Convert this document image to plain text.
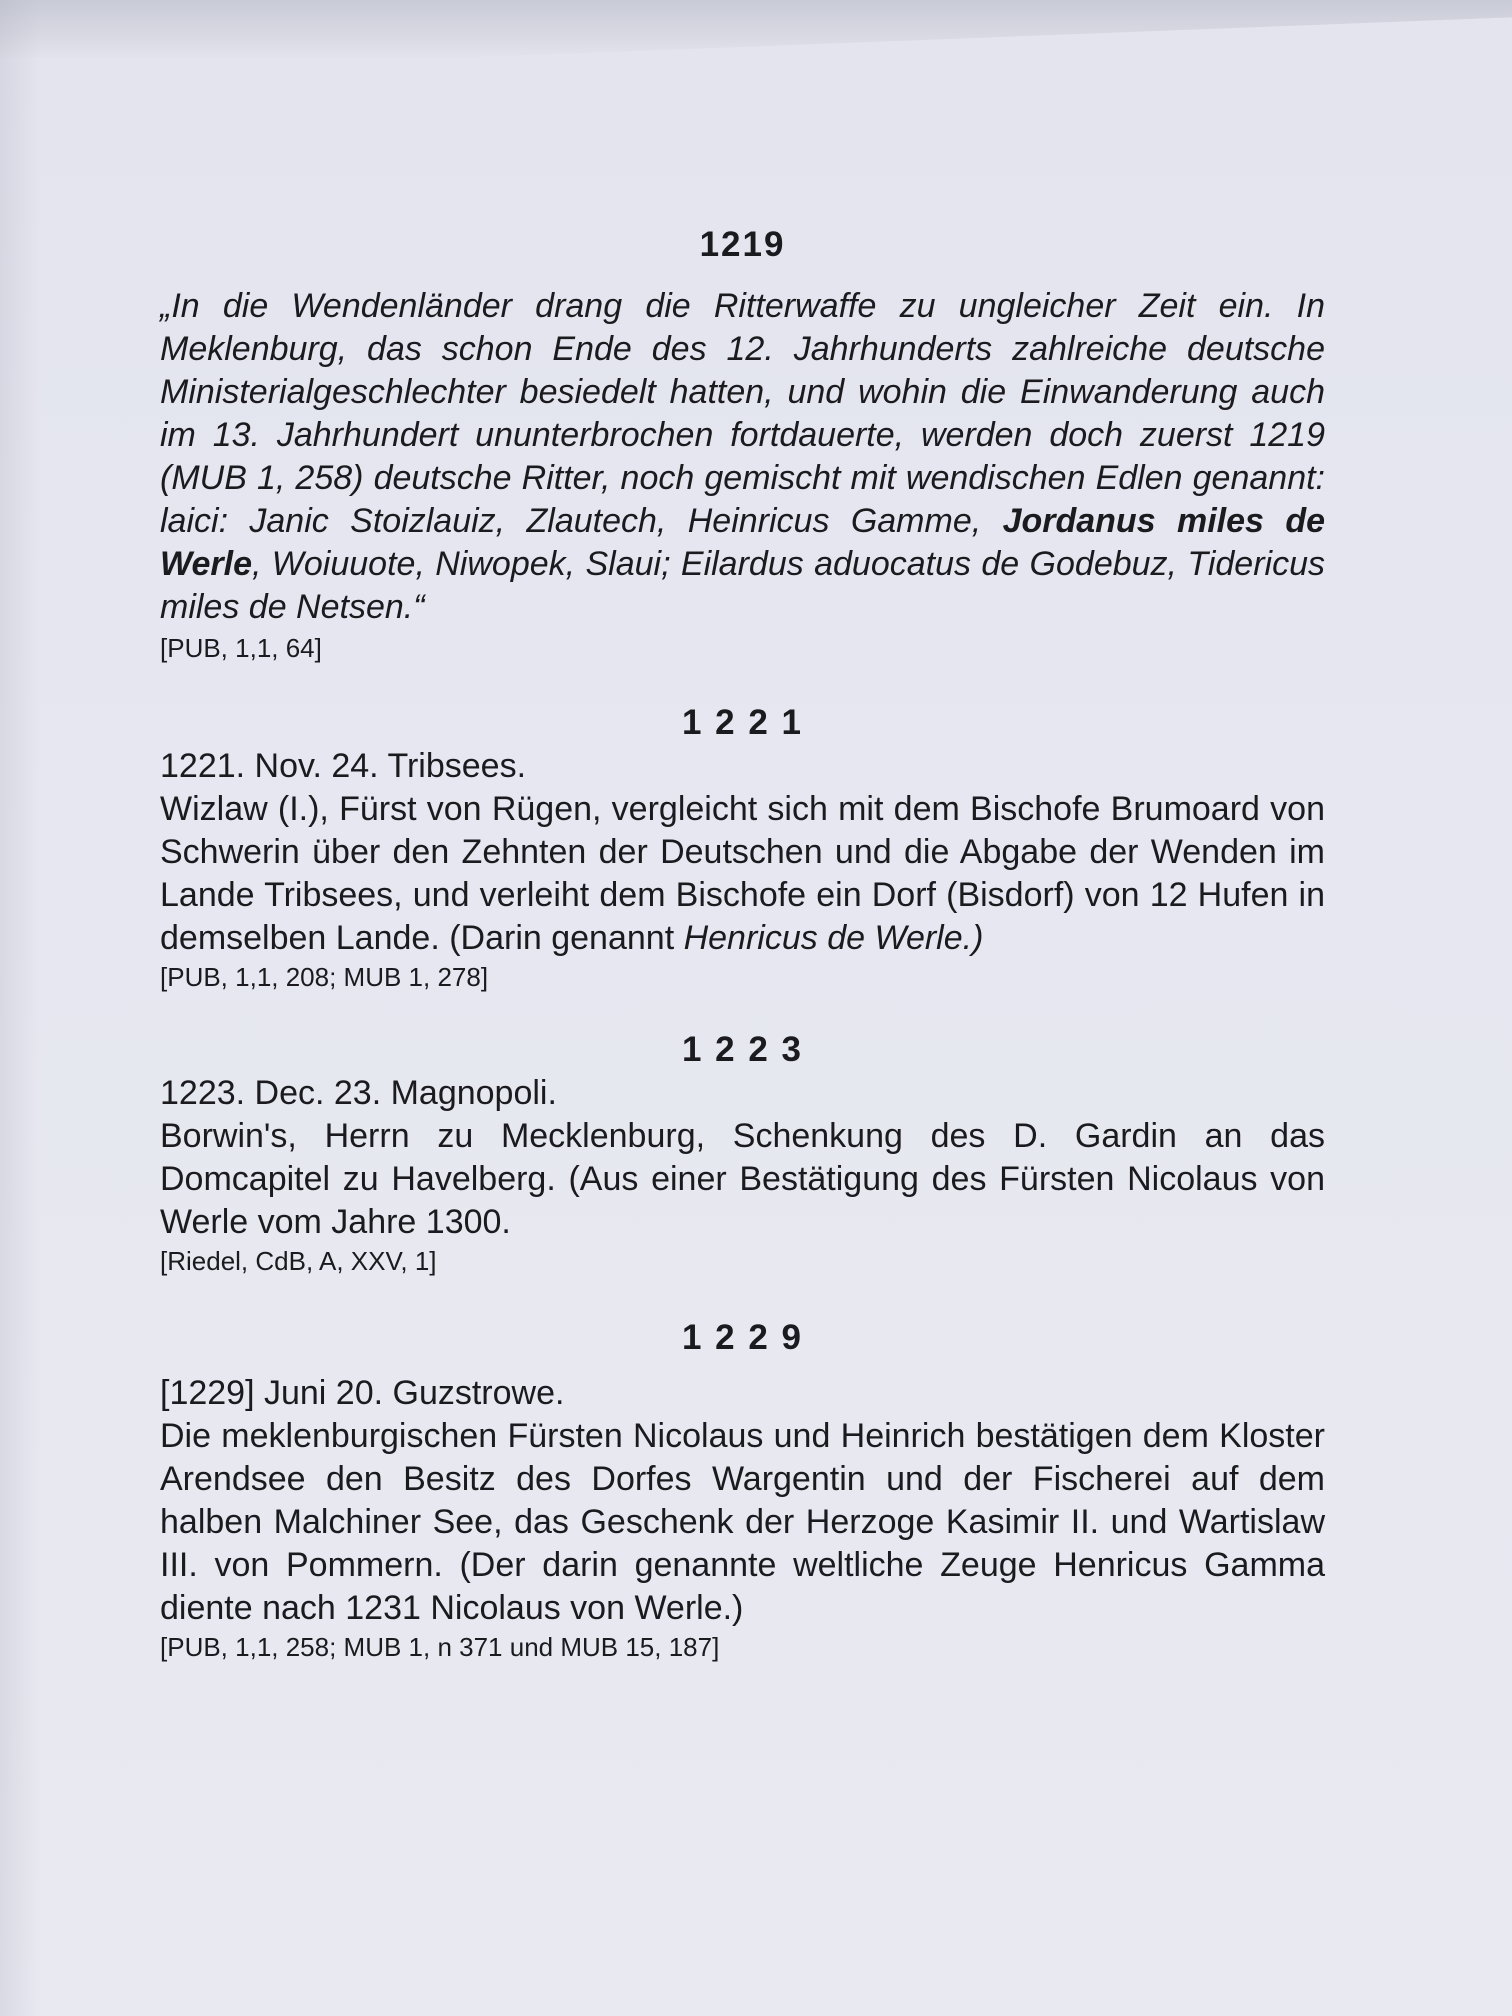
1219

„In die Wendenländer drang die Ritterwaffe zu ungleicher Zeit ein. In Meklenburg, das schon Ende des 12. Jahrhunderts zahlreiche deutsche Ministerialgeschlechter besiedelt hatten, und wohin die Einwanderung auch im 13. Jahrhundert ununterbrochen fortdauerte, werden doch zuerst 1219 (MUB 1, 258) deutsche Ritter, noch gemischt mit wendischen Edlen genannt: laici: Janic Stoizlauiz, Zlautech, Heinricus Gamme, Jordanus miles de Werle, Woiuuote, Niwopek, Slaui; Eilardus aduocatus de Godebuz, Tidericus miles de Netsen.“

[PUB, 1,1, 64]

1 2 2 1

1221. Nov. 24. Tribsees.

Wizlaw (I.), Fürst von Rügen, vergleicht sich mit dem Bischofe Brumoard von Schwerin über den Zehnten der Deutschen und die Abgabe der Wenden im Lande Tribsees, und verleiht dem Bischofe ein Dorf (Bisdorf) von 12 Hufen in demselben Lande. (Darin genannt Henricus de Werle.)

[PUB, 1,1, 208; MUB 1, 278]

1 2 2 3

1223. Dec. 23. Magnopoli.

Borwin's, Herrn zu Mecklenburg, Schenkung des D. Gardin an das Domcapitel zu Havelberg. (Aus einer Bestätigung des Fürsten Nicolaus von Werle vom Jahre 1300.

[Riedel, CdB, A, XXV, 1]

1 2 2 9

[1229] Juni 20. Guzstrowe.

Die meklenburgischen Fürsten Nicolaus und Heinrich bestätigen dem Kloster Arendsee den Besitz des Dorfes Wargentin und der Fischerei auf dem halben Malchiner See, das Geschenk der Herzoge Kasimir II. und Wartislaw III. von Pommern. (Der darin genannte weltliche Zeuge Henricus Gamma diente nach 1231 Nicolaus von Werle.)

[PUB, 1,1, 258; MUB 1, n 371 und MUB 15, 187]
